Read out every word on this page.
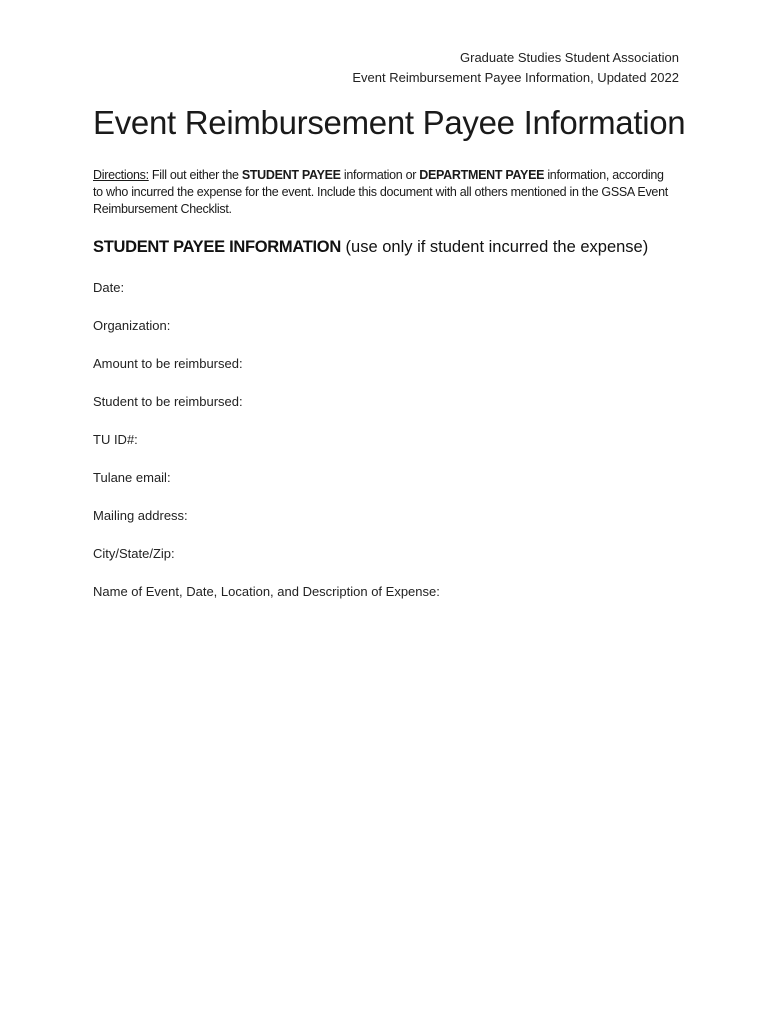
Graduate Studies Student Association
Event Reimbursement Payee Information, Updated 2022
Event Reimbursement Payee Information
Directions: Fill out either the STUDENT PAYEE information or DEPARTMENT PAYEE information, according to who incurred the expense for the event. Include this document with all others mentioned in the GSSA Event Reimbursement Checklist.
STUDENT PAYEE INFORMATION (use only if student incurred the expense)
Date:
Organization:
Amount to be reimbursed:
Student to be reimbursed:
TU ID#:
Tulane email:
Mailing address:
City/State/Zip:
Name of Event, Date, Location, and Description of Expense:
